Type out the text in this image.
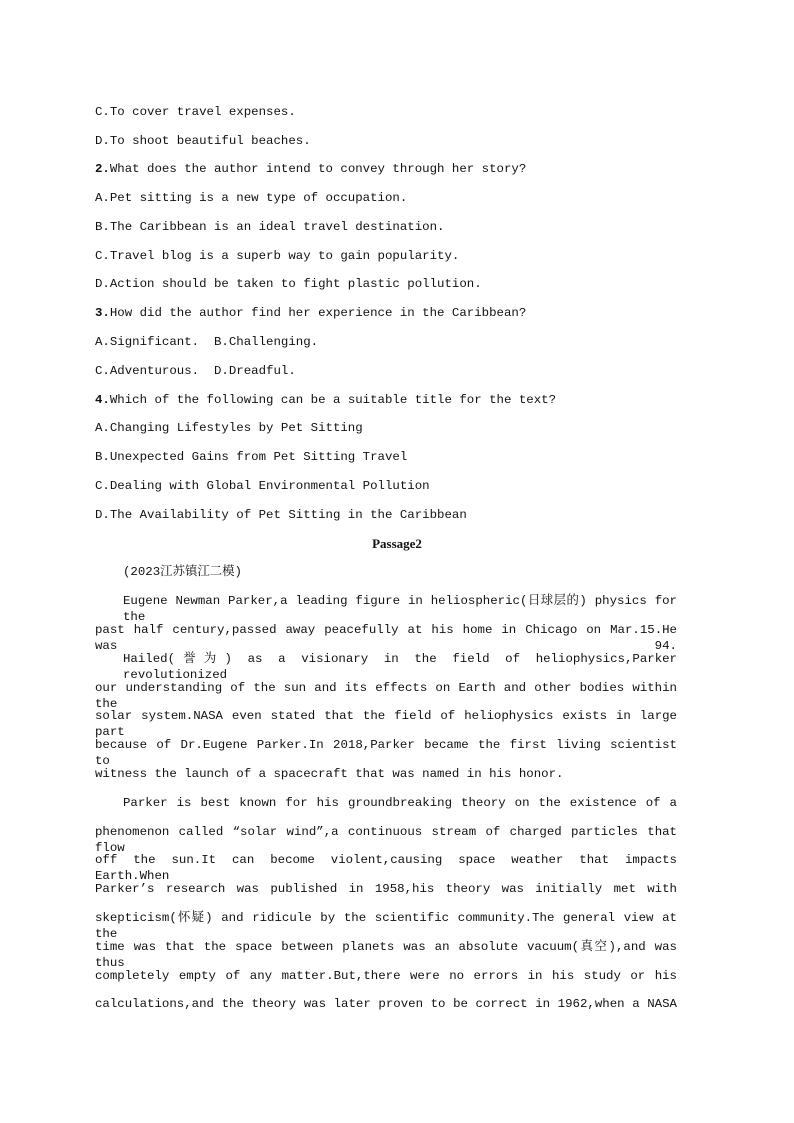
C.To cover travel expenses.
D.To shoot beautiful beaches.
2.What does the author intend to convey through her story?
A.Pet sitting is a new type of occupation.
B.The Caribbean is an ideal travel destination.
C.Travel blog is a superb way to gain popularity.
D.Action should be taken to fight plastic pollution.
3.How did the author find her experience in the Caribbean?
A.Significant.  B.Challenging.
C.Adventurous.  D.Dreadful.
4.Which of the following can be a suitable title for the text?
A.Changing Lifestyles by Pet Sitting
B.Unexpected Gains from Pet Sitting Travel
C.Dealing with Global Environmental Pollution
D.The Availability of Pet Sitting in the Caribbean
Passage2
(2023江苏镇江二模)
Eugene Newman Parker,a leading figure in heliospheric(日球层的) physics for the
past half century,passed away peacefully at his home in Chicago on Mar.15.He was 94.
Hailed(誉为) as a visionary in the field of heliophysics,Parker revolutionized
our understanding of the sun and its effects on Earth and other bodies within the
solar system.NASA even stated that the field of heliophysics exists in large part
because of Dr.Eugene Parker.In 2018,Parker became the first living scientist to
witness the launch of a spacecraft that was named in his honor.
Parker is best known for his groundbreaking theory on the existence of a
phenomenon called “solar wind”,a continuous stream of charged particles that flow
off the sun.It can become violent,causing space weather that impacts Earth.When
Parker’s research was published in 1958,his theory was initially met with
skepticism(怀疑) and ridicule by the scientific community.The general view at the
time was that the space between planets was an absolute vacuum(真空),and was thus
completely empty of any matter.But,there were no errors in his study or his
calculations,and the theory was later proven to be correct in 1962,when a NASA
